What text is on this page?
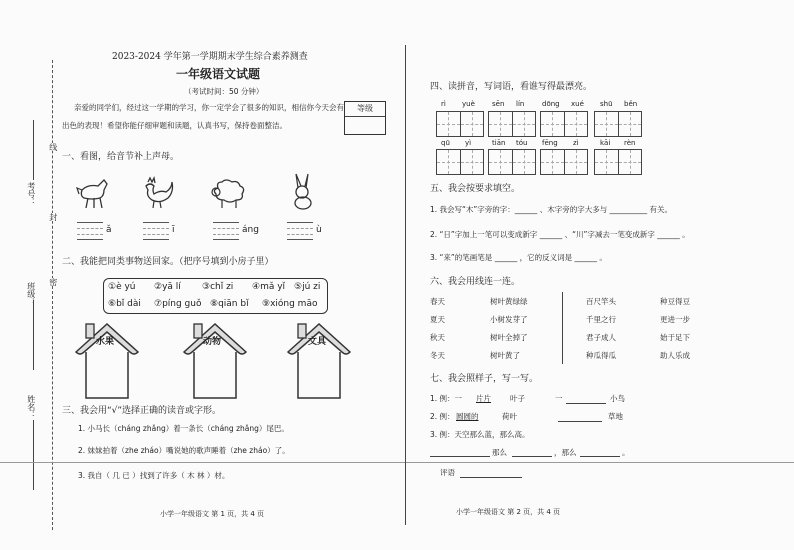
考号：
班级：
姓名：
线
封
密
2023-2024 学年第一学期期末学生综合素养测查
一年级语文试题
（考试时间：50 分钟）
亲爱的同学们，经过这一学期的学习，你一定学会了很多的知识，相信你今天会有
出色的表现！希望你能仔细审题和读题，认真书写，保持卷面整洁。
等级
一、看图，给音节补上声母。
ǎ	ī	áng	ù
二、我能把同类事物送回家。（把序号填到小房子里）
①è yú ②yā lí ③chǐ zi ④mǎ yǐ ⑤jú zi
⑥bǐ dài ⑦píng guǒ ⑧qiān bǐ ⑨xióng māo
水果	动物	文具
三、我会用“√”选择正确的读音或字形。
1. 小马长（cháng zhǎng）着一条长（cháng zhǎng）尾巴。
2. 妹妹拍着（zhe zháo）嘴说她的歌声睡着（zhe zháo）了。
3. 我自（ 几 已 ）找到了许多（ 木 林 ）材。
小学一年级语文 第 1 页，共 4 页
四、读拼音，写词语，看谁写得最漂亮。
rì yuè sēn lín	dōng xué shū běn
qū yì	tiān tóu fēng zì	kāi rèn
五、我会按要求填空。
1. 我会写“木”字旁的字：______ 、木字旁的字大多与 __________ 有关。
2. “日”字加上一笔可以变成新字 ______ 、“川”字减去一笔变成新字 ______ 。
3. “来”的笔画笔是 ______ ，它的反义词是 ______ 。
六、我会用线连一连。
春天
夏天
秋天
冬天
树叶黄绿绿
小树发芽了
树叶全掉了
树叶黄了
百尺竿头
千里之行
君子成人
种瓜得瓜
种豆得豆
更进一步
始于足下
助人乐成
七、我会照样子，写一写。
1. 例：一 片片	叶子	一	小鸟
2. 例： 圆圆的	荷叶	草地
3. 例：天空那么蓝，那么高。
那么	，那么	。
评语
小学一年级语文 第 2 页，共 4 页
